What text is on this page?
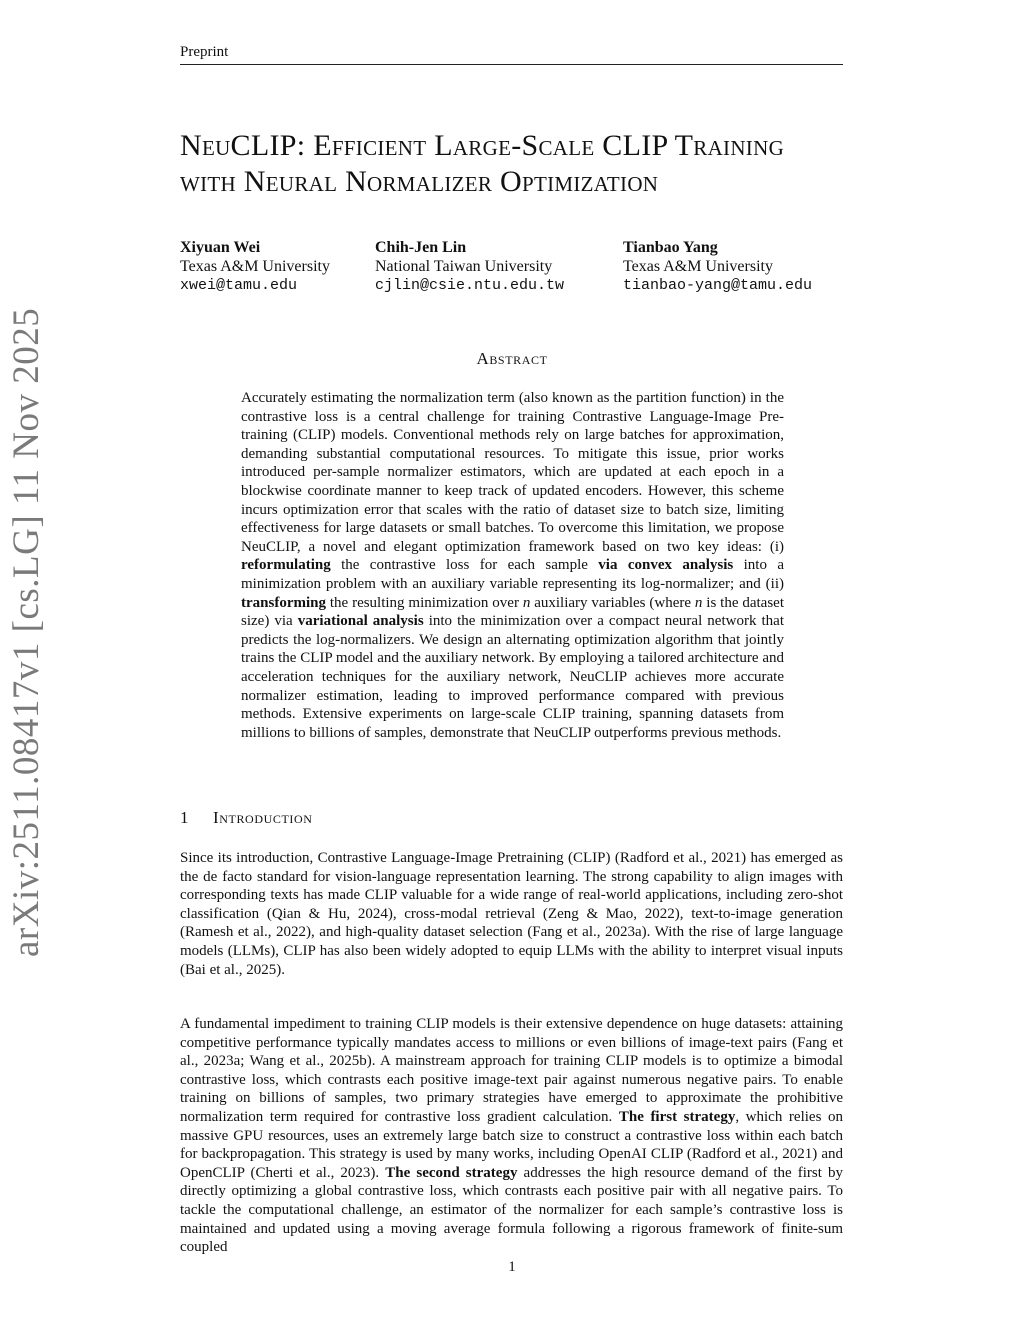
Preprint
arXiv:2511.08417v1 [cs.LG] 11 Nov 2025
NeuCLIP: Efficient Large-Scale CLIP Training
with Neural Normalizer Optimization
Xiyuan Wei
Texas A&M University
xwei@tamu.edu
Chih-Jen Lin
National Taiwan University
cjlin@csie.ntu.edu.tw
Tianbao Yang
Texas A&M University
tianbao-yang@tamu.edu
Abstract
Accurately estimating the normalization term (also known as the partition function) in the contrastive loss is a central challenge for training Contrastive Language-Image Pre-training (CLIP) models. Conventional methods rely on large batches for approximation, demanding substantial computational resources. To mitigate this issue, prior works introduced per-sample normalizer estimators, which are updated at each epoch in a blockwise coordinate manner to keep track of updated encoders. However, this scheme incurs optimization error that scales with the ratio of dataset size to batch size, limiting effectiveness for large datasets or small batches. To overcome this limitation, we propose NeuCLIP, a novel and elegant optimization framework based on two key ideas: (i) reformulating the contrastive loss for each sample via convex analysis into a minimization problem with an auxiliary variable representing its log-normalizer; and (ii) transforming the resulting minimization over n auxiliary variables (where n is the dataset size) via variational analysis into the minimization over a compact neural network that predicts the log-normalizers. We design an alternating optimization algorithm that jointly trains the CLIP model and the auxiliary network. By employing a tailored architecture and acceleration techniques for the auxiliary network, NeuCLIP achieves more accurate normalizer estimation, leading to improved performance compared with previous methods. Extensive experiments on large-scale CLIP training, spanning datasets from millions to billions of samples, demonstrate that NeuCLIP outperforms previous methods.
1 Introduction

Since its introduction, Contrastive Language-Image Pretraining (CLIP) (Radford et al., 2021) has emerged as the de facto standard for vision-language representation learning. The strong capability to align images with corresponding texts has made CLIP valuable for a wide range of real-world applications, including zero-shot classification (Qian & Hu, 2024), cross-modal retrieval (Zeng & Mao, 2022), text-to-image generation (Ramesh et al., 2022), and high-quality dataset selection (Fang et al., 2023a). With the rise of large language models (LLMs), CLIP has also been widely adopted to equip LLMs with the ability to interpret visual inputs (Bai et al., 2025).

A fundamental impediment to training CLIP models is their extensive dependence on huge datasets: attaining competitive performance typically mandates access to millions or even billions of image-text pairs (Fang et al., 2023a; Wang et al., 2025b). A mainstream approach for training CLIP models is to optimize a bimodal contrastive loss, which contrasts each positive image-text pair against numerous negative pairs. To enable training on billions of samples, two primary strategies have emerged to approximate the prohibitive normalization term required for contrastive loss gradient calculation. The first strategy, which relies on massive GPU resources, uses an extremely large batch size to construct a contrastive loss within each batch for backpropagation. This strategy is used by many works, including OpenAI CLIP (Radford et al., 2021) and OpenCLIP (Cherti et al., 2023). The second strategy addresses the high resource demand of the first by directly optimizing a global contrastive loss, which contrasts each positive pair with all negative pairs. To tackle the computational challenge, an estimator of the normalizer for each sample’s contrastive loss is maintained and updated using a moving average formula following a rigorous framework of finite-sum coupled

1
